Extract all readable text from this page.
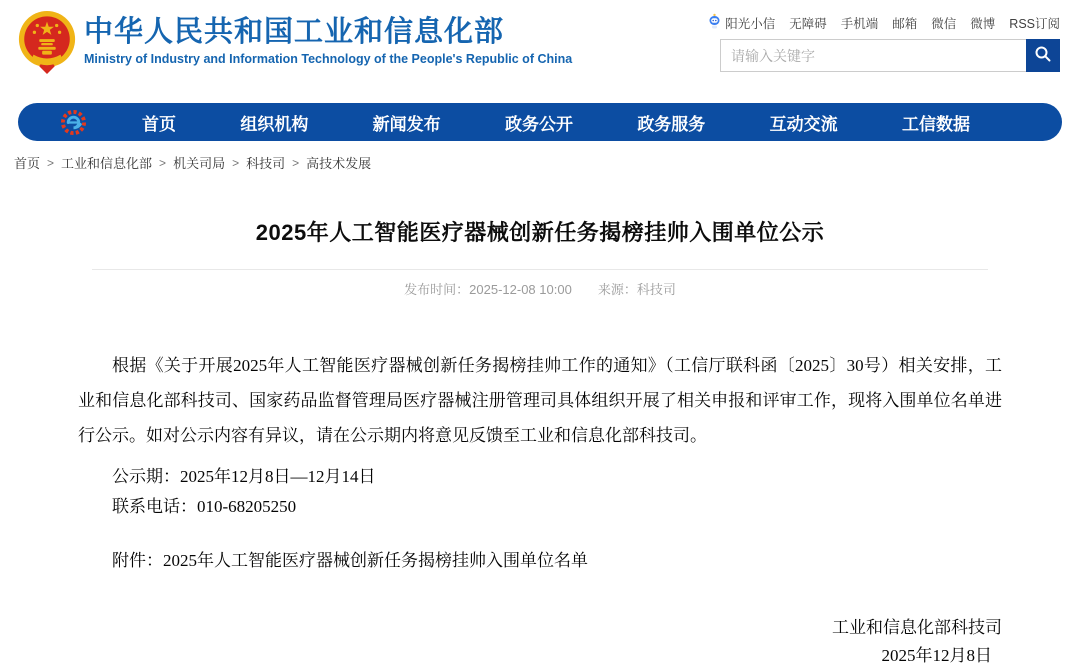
中华人民共和国工业和信息化部
Ministry of Industry and Information Technology of the People's Republic of China
阳光小信 无障碍 手机端 邮箱 微信 微博 RSS订阅
请输入关键字
首页	组织机构	新闻发布	政务公开	政务服务	互动交流	工信数据
首页 > 工业和信息化部 > 机关司局 > 科技司 > 高技术发展
2025年人工智能医疗器械创新任务揭榜挂帅入围单位公示
发布时间：2025-12-08 10:00 来源：科技司

根据《关于开展2025年人工智能医疗器械创新任务揭榜挂帅工作的通知》（工信厅联科函〔2025〕30号）相关安排，工业和信息化部科技司、国家药品监督管理局医疗器械注册管理司具体组织开展了相关申报和评审工作，现将入围单位名单进行公示。如对公示内容有异议，请在公示期内将意见反馈至工业和信息化部科技司。

公示期：2025年12月8日—12月14日
联系电话：010-68205250
附件：2025年人工智能医疗器械创新任务揭榜挂帅入围单位名单
工业和信息化部科技司
2025年12月8日
